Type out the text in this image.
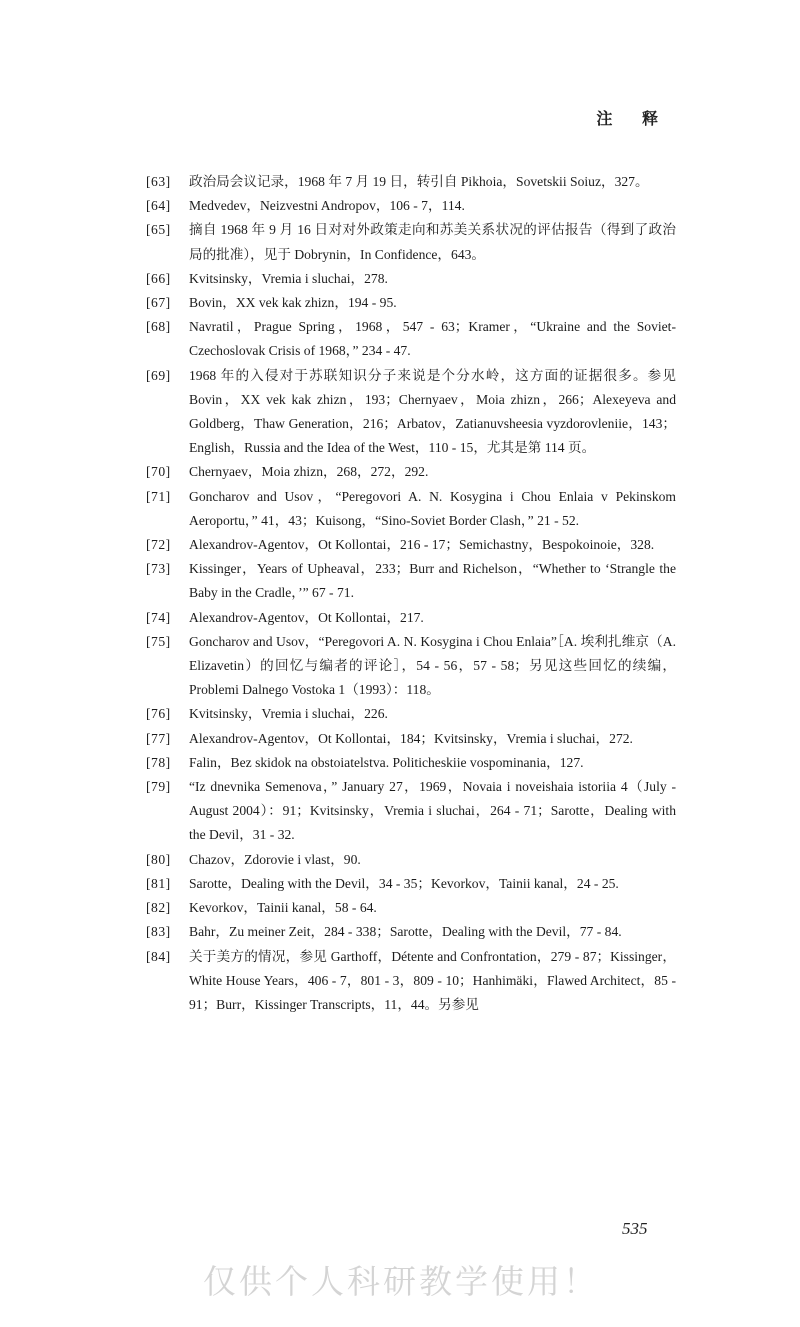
注 释
[63]	政治局会议记录，1968 年 7 月 19 日，转引自 Pikhoia，Sovetskii Soiuz，327。
[64]	Medvedev，Neizvestni Andropov，106 - 7，114.
[65]	摘自 1968 年 9 月 16 日对对外政策走向和苏美关系状况的评估报告（得到了政治局的批准），见于 Dobrynin，In Confidence，643。
[66]	Kvitsinsky，Vremia i sluchai，278.
[67]	Bovin，XX vek kak zhizn，194 - 95.
[68]	Navratil，Prague Spring，1968，547 - 63；Kramer，“Ukraine and the Soviet-Czechoslovak Crisis of 1968，” 234 - 47.
[69]	1968 年的入侵对于苏联知识分子来说是个分水岭，这方面的证据很多。参见 Bovin，XX vek kak zhizn，193；Chernyaev，Moia zhizn，266；Alexeyeva and Goldberg，Thaw Generation，216；Arbatov，Zatianuvsheesia vyzdorovleniie，143；English，Russia and the Idea of the West，110 - 15，尤其是第 114 页。
[70]	Chernyaev，Moia zhizn，268，272，292.
[71]	Goncharov and Usov，“Peregovori A. N. Kosygina i Chou Enlaia v Pekinskom Aeroportu，” 41，43；Kuisong，“Sino-Soviet Border Clash，” 21 - 52.
[72]	Alexandrov-Agentov，Ot Kollontai，216 - 17；Semichastny，Bespokoinoie，328.
[73]	Kissinger，Years of Upheaval，233；Burr and Richelson，“Whether to ‘Strangle the Baby in the Cradle，’” 67 - 71.
[74]	Alexandrov-Agentov，Ot Kollontai，217.
[75]	Goncharov and Usov，“Peregovori A. N. Kosygina i Chou Enlaia”［A. 埃利扎维京（A. Elizavetin）的回忆与编者的评论］，54 - 56，57 - 58；另见这些回忆的续编，Problemi Dalnego Vostoka 1（1993）：118。
[76]	Kvitsinsky，Vremia i sluchai，226.
[77]	Alexandrov-Agentov，Ot Kollontai，184；Kvitsinsky，Vremia i sluchai，272.
[78]	Falin，Bez skidok na obstoiatelstva. Politicheskiie vospominania，127.
[79]	“Iz dnevnika Semenova，” January 27，1969，Novaia i noveishaia istoriia 4（July - August 2004）：91；Kvitsinsky，Vremia i sluchai，264 - 71；Sarotte，Dealing with the Devil，31 - 32.
[80]	Chazov，Zdorovie i vlast，90.
[81]	Sarotte，Dealing with the Devil，34 - 35；Kevorkov，Tainii kanal，24 - 25.
[82]	Kevorkov，Tainii kanal，58 - 64.
[83]	Bahr，Zu meiner Zeit，284 - 338；Sarotte，Dealing with the Devil，77 - 84.
[84]	关于美方的情况，参见 Garthoff，Détente and Confrontation，279 - 87；Kissinger，White House Years，406 - 7，801 - 3，809 - 10；Hanhimäki，Flawed Architect，85 - 91；Burr，Kissinger Transcripts，11，44。另参见
535
仅供个人科研教学使用！
